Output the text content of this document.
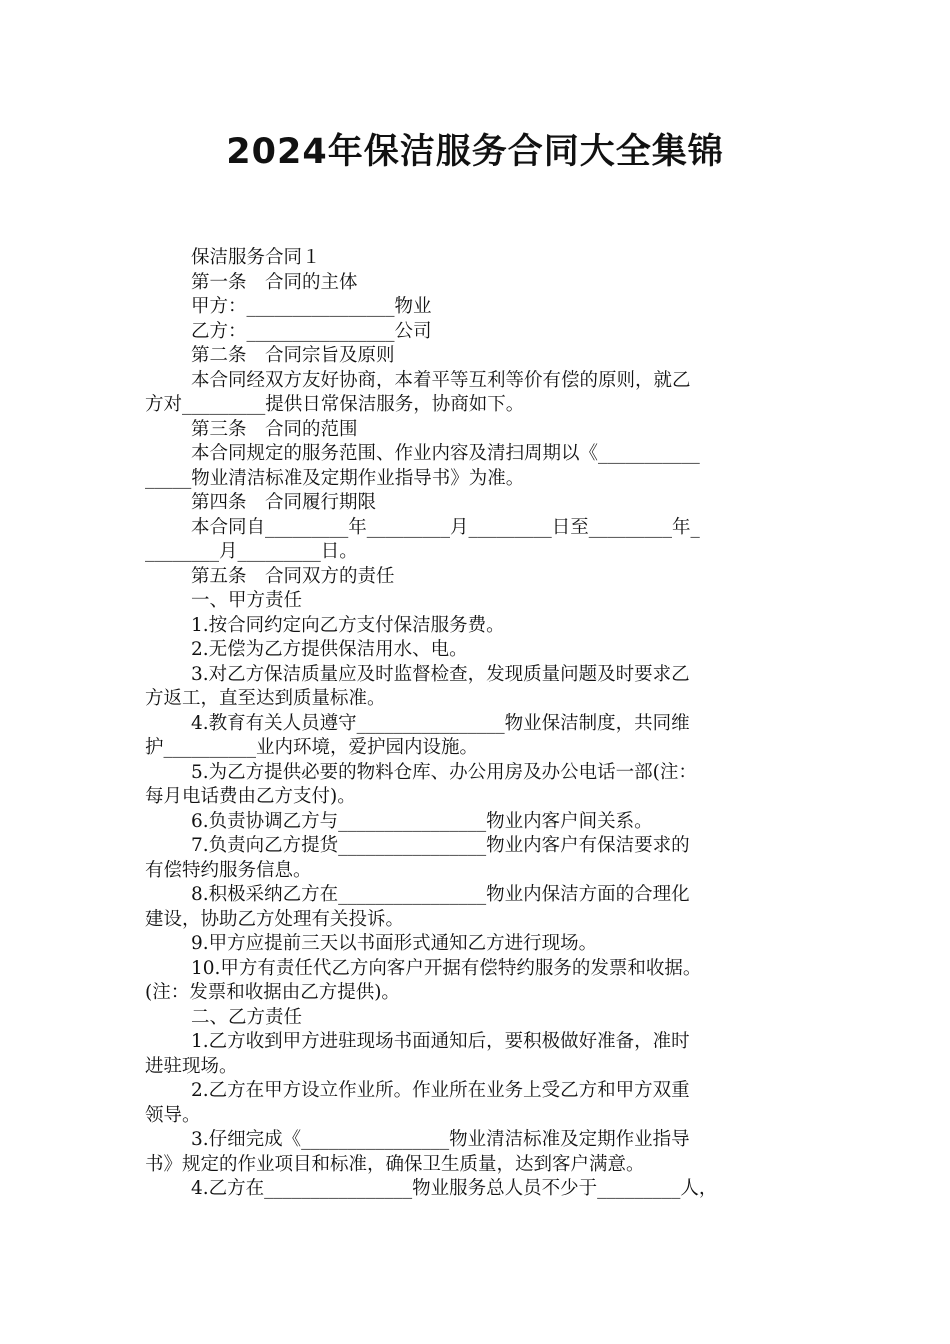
2024年保洁服务合同大全集锦

保洁服务合同１

第一条　合同的主体

甲方：________________物业

乙方：________________公司

第二条　合同宗旨及原则

本合同经双方友好协商，本着平等互利等价有偿的原则，就乙

方对_________提供日常保洁服务，协商如下。

第三条　合同的范围

本合同规定的服务范围、作业内容及清扫周期以《___________

_____物业清洁标准及定期作业指导书》为准。

第四条　合同履行期限

本合同自_________年_________月_________日至_________年_

________月_________日。

第五条　合同双方的责任

一、甲方责任

1.按合同约定向乙方支付保洁服务费。

2.无偿为乙方提供保洁用水、电。

3.对乙方保洁质量应及时监督检查，发现质量问题及时要求乙

方返工，直至达到质量标准。

4.教育有关人员遵守________________物业保洁制度，共同维

护__________业内环境，爱护园内设施。

5.为乙方提供必要的物料仓库、办公用房及办公电话一部(注：

每月电话费由乙方支付)。

6.负责协调乙方与________________物业内客户间关系。

7.负责向乙方提货________________物业内客户有保洁要求的

有偿特约服务信息。

8.积极采纳乙方在________________物业内保洁方面的合理化

建设，协助乙方处理有关投诉。

9.甲方应提前三天以书面形式通知乙方进行现场。

10.甲方有责任代乙方向客户开据有偿特约服务的发票和收据。

(注：发票和收据由乙方提供)。

二、乙方责任

1.乙方收到甲方进驻现场书面通知后，要积极做好准备，准时

进驻现场。

2.乙方在甲方设立作业所。作业所在业务上受乙方和甲方双重

领导。

3.仔细完成《________________物业清洁标准及定期作业指导

书》规定的作业项目和标准，确保卫生质量，达到客户满意。

4.乙方在________________物业服务总人员不少于_________人，
